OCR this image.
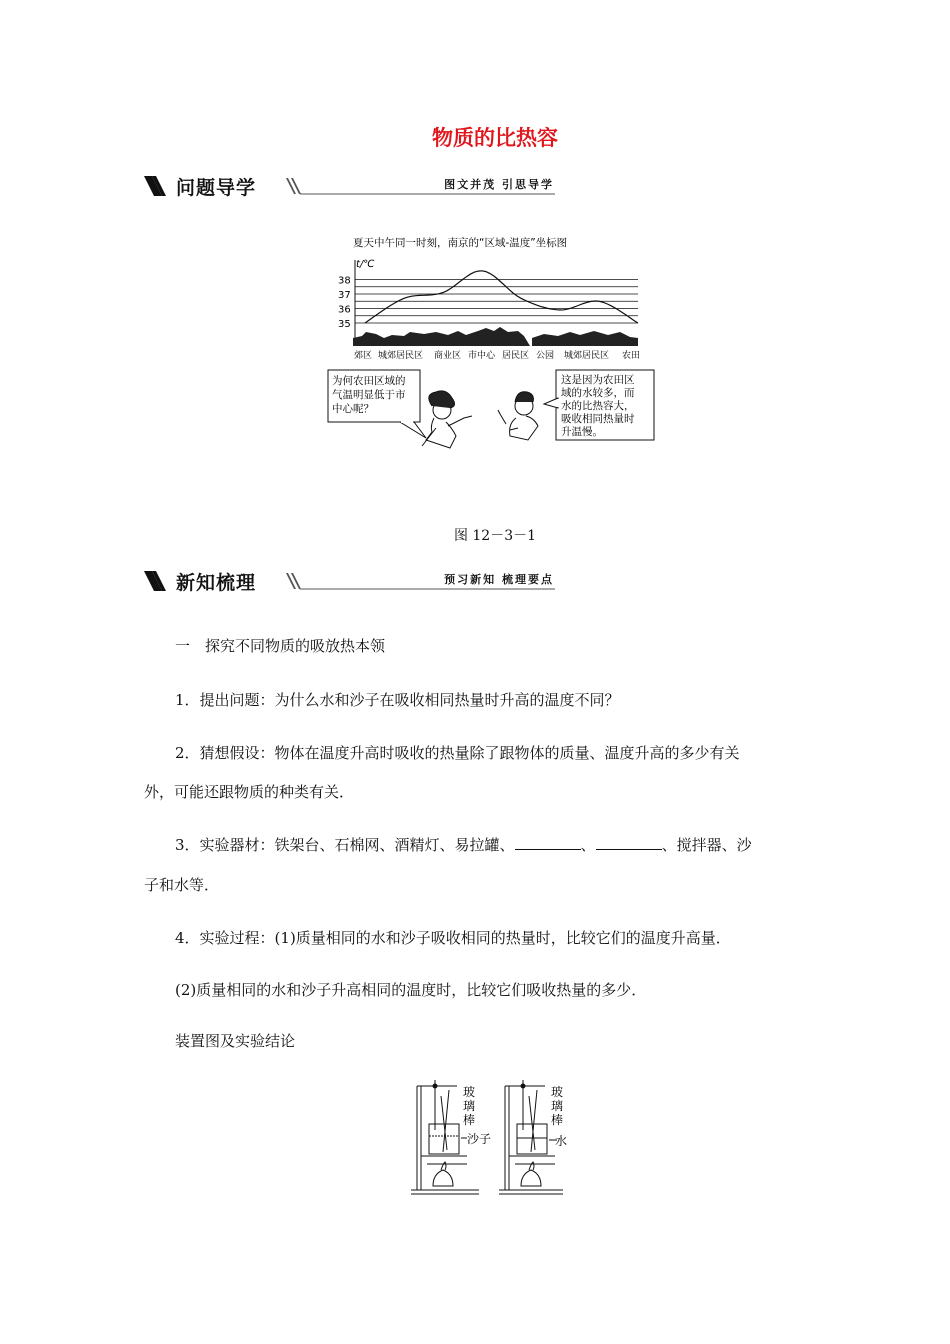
物质的比热容
问题导学	图文并茂 引思导学
夏天中午同一时刻，南京的“区域-温度”坐标图
t/℃
38
37
36
35
郊区 城郊居民区 商业区 市中心 居民区 公园 城郊居民区 农田
为何农田区域的
气温明显低于市
中心呢？
这是因为农田区
域的水较多，而
水的比热容大，
吸收相同热量时
升温慢。
图 12－3－1
新知梳理	预习新知 梳理要点
一　探究不同物质的吸放热本领
1．提出问题：为什么水和沙子在吸收相同热量时升高的温度不同？
2．猜想假设：物体在温度升高时吸收的热量除了跟物体的质量、温度升高的多少有关
外，可能还跟物质的种类有关．
3．实验器材：铁架台、石棉网、酒精灯、易拉罐、	、	、搅拌器、沙
子和水等．
4．实验过程：(1)质量相同的水和沙子吸收相同的热量时，比较它们的温度升高量．
(2)质量相同的水和沙子升高相同的温度时，比较它们吸收热量的多少．
装置图及实验结论
玻
璃
棒
沙子
玻
璃
棒
水
